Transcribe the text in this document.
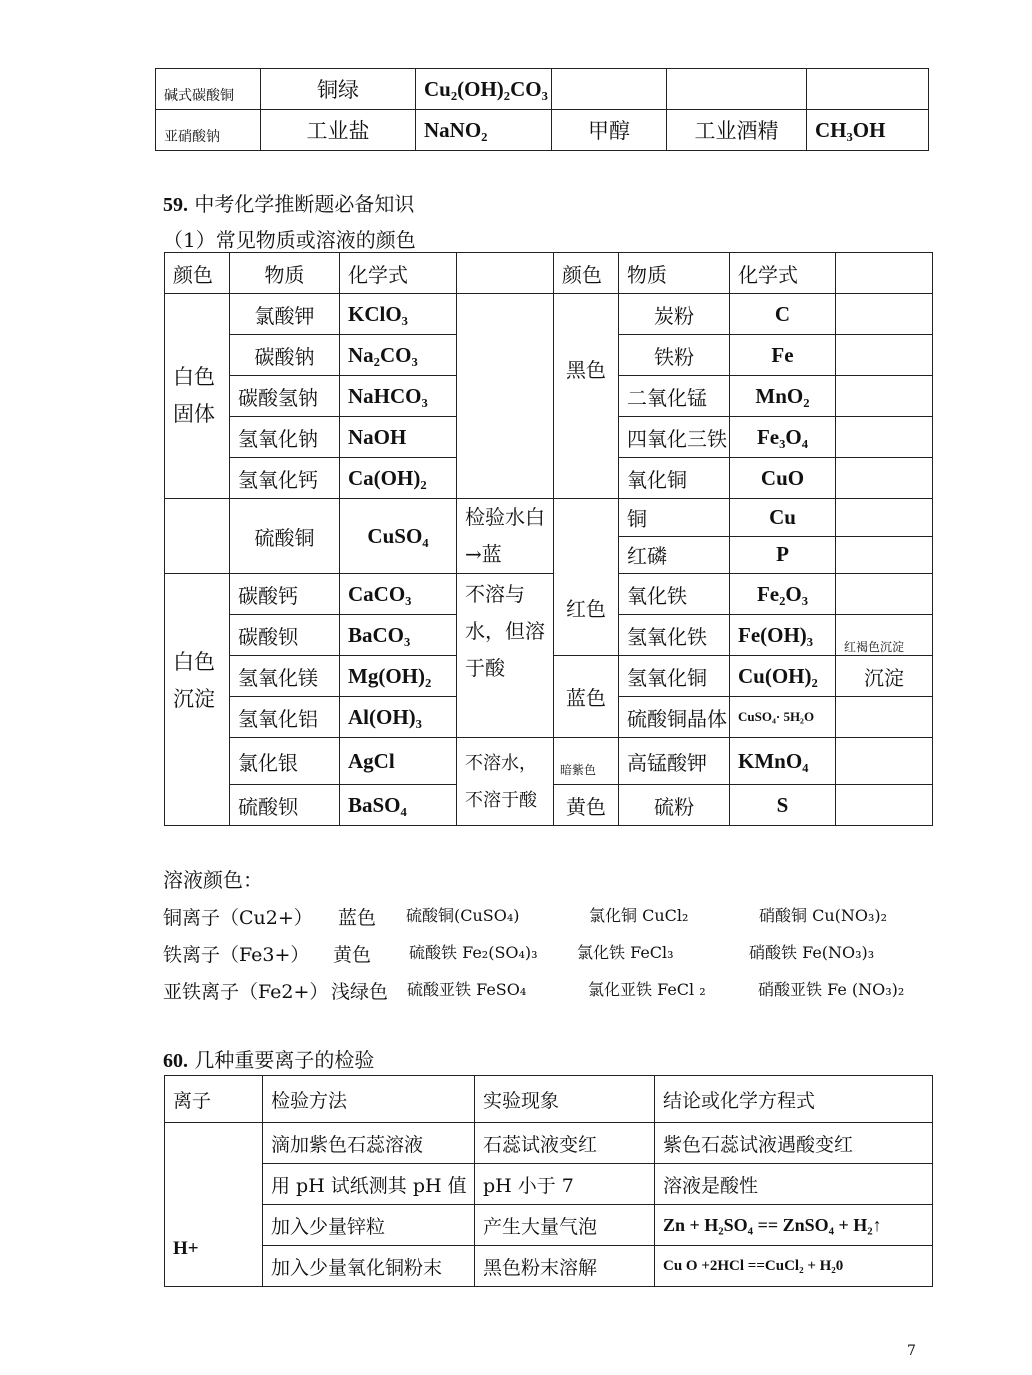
碱式碳酸铜	铜绿	Cu₂(OH)₂CO₃			
亚硝酸钠	工业盐	NaNO₂	甲醇	工业酒精	CH₃OH
59. 中考化学推断题必备知识
（1）常见物质或溶液的颜色
颜色	物质	化学式		颜色	物质	化学式	
白色固体	氯酸钾	KClO₃		黑色	炭粉	C	
	碳酸钠	Na₂CO₃			铁粉	Fe	
	碳酸氢钠	NaHCO₃			二氧化锰	MnO₂	
	氢氧化钠	NaOH			四氧化三铁	Fe₃O₄	
	氢氧化钙	Ca(OH)₂			氧化铜	CuO	
	硫酸铜	CuSO₄	检验水白→蓝	红色	铜	Cu	
					红磷	P	
白色沉淀	碳酸钙	CaCO₃	不溶与水，但溶于酸		氧化铁	Fe₂O₃	
	碳酸钡	BaCO₃			氢氧化铁	Fe(OH)₃	红褐色沉淀
	氢氧化镁	Mg(OH)₂		蓝色	氢氧化铜	Cu(OH)₂	沉淀
	氢氧化铝	Al(OH)₃			硫酸铜晶体	CuSO₄· 5H₂O	
	氯化银	AgCl	不溶水，不溶于酸	暗紫色	高锰酸钾	KMnO₄	
	硫酸钡	BaSO₄		黄色	硫粉	S	
溶液颜色：
铜离子（Cu2+） 蓝色 硫酸铜(CuSO₄)	氯化铜 CuCl₂	硝酸铜 Cu(NO₃)₂
铁离子（Fe3+） 黄色 硫酸铁 Fe₂(SO₄)₃ 氯化铁 FeCl₃	硝酸铁 Fe(NO₃)₃
亚铁离子（Fe2+） 浅绿色 硫酸亚铁 FeSO₄	氯化亚铁 FeCl ₂	硝酸亚铁 Fe (NO₃)₂
60. 几种重要离子的检验
离子	检验方法	实验现象	结论或化学方程式
H+	滴加紫色石蕊溶液	石蕊试液变红	紫色石蕊试液遇酸变红
	用 pH 试纸测其 pH 值	pH 小于 7	溶液是酸性
	加入少量锌粒	产生大量气泡	Zn + H₂SO₄ == ZnSO₄ + H₂↑
	加入少量氧化铜粉末	黑色粉末溶解	Cu O +2HCl ==CuCl₂ + H₂0
7
